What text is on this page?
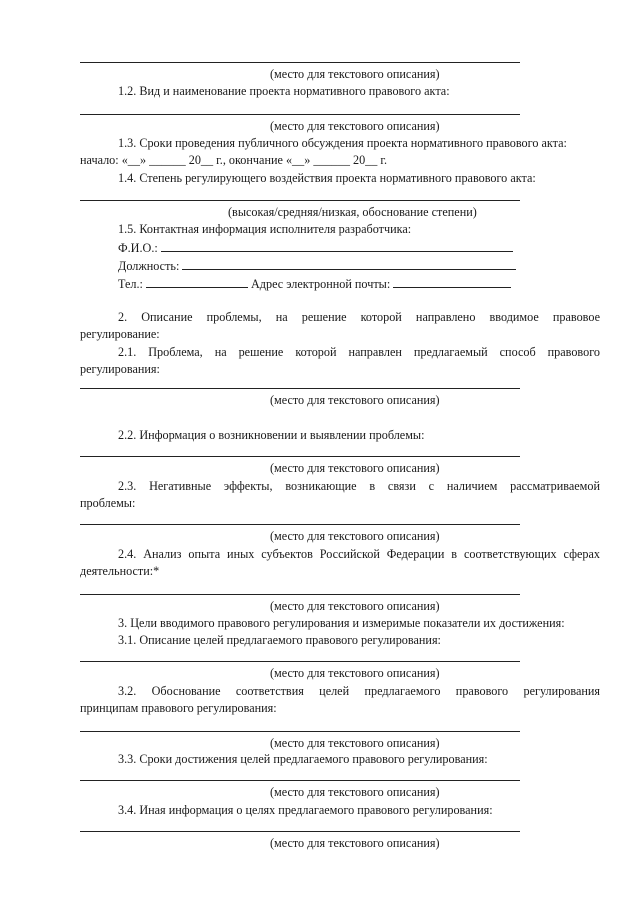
(место для текстового описания)
1.2. Вид и наименование проекта нормативного правового акта:
(место для текстового описания)
1.3. Сроки проведения публичного обсуждения проекта нормативного правового акта:
начало: «__» ______ 20__ г., окончание «__» ______ 20__ г.
1.4. Степень регулирующего воздействия проекта нормативного правового акта:
(высокая/средняя/низкая, обоснование степени)
1.5. Контактная информация исполнителя разработчика:
Ф.И.О.:
Должность:
Тел.:	Адрес электронной почты:
2. Описание проблемы, на решение которой направлено вводимое правовое
регулирование:
2.1. Проблема, на решение которой направлен предлагаемый способ правового
регулирования:
(место для текстового описания)
2.2. Информация о возникновении и выявлении проблемы:
(место для текстового описания)
2.3. Негативные эффекты, возникающие в связи с наличием рассматриваемой
проблемы:
(место для текстового описания)
2.4. Анализ опыта иных субъектов Российской Федерации в соответствующих сферах
деятельности:*
(место для текстового описания)
3. Цели вводимого правового регулирования и измеримые показатели их достижения:
3.1. Описание целей предлагаемого правового регулирования:
(место для текстового описания)
3.2. Обоснование соответствия целей предлагаемого правового регулирования
принципам правового регулирования:
(место для текстового описания)
3.3. Сроки достижения целей предлагаемого правового регулирования:
(место для текстового описания)
3.4. Иная информация о целях предлагаемого правового регулирования:
(место для текстового описания)
